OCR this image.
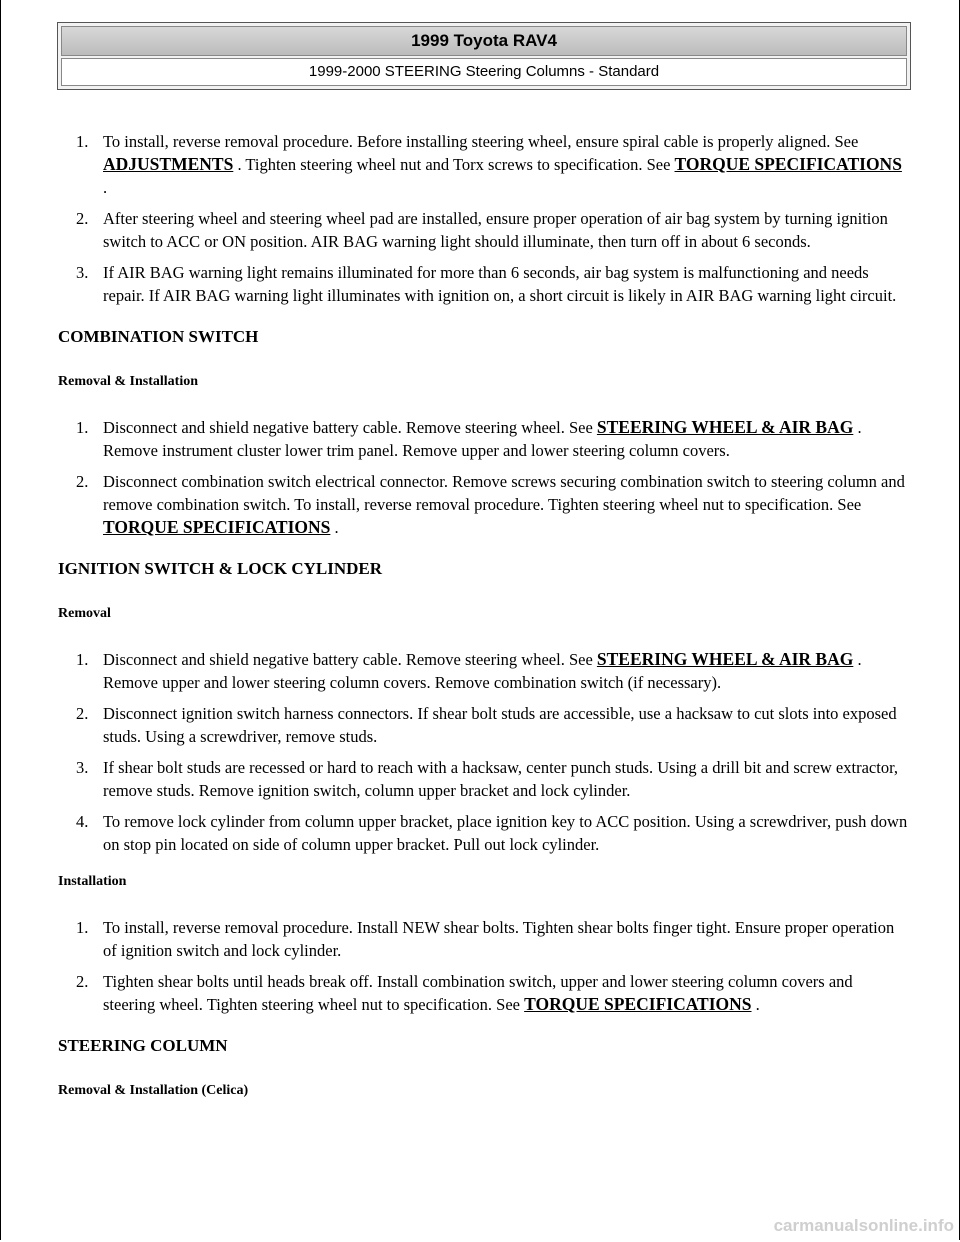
1999 Toyota RAV4
1999-2000 STEERING Steering Columns - Standard
1. To install, reverse removal procedure. Before installing steering wheel, ensure spiral cable is properly aligned. See ADJUSTMENTS . Tighten steering wheel nut and Torx screws to specification. See TORQUE SPECIFICATIONS .
2. After steering wheel and steering wheel pad are installed, ensure proper operation of air bag system by turning ignition switch to ACC or ON position. AIR BAG warning light should illuminate, then turn off in about 6 seconds.
3. If AIR BAG warning light remains illuminated for more than 6 seconds, air bag system is malfunctioning and needs repair. If AIR BAG warning light illuminates with ignition on, a short circuit is likely in AIR BAG warning light circuit.
COMBINATION SWITCH
Removal & Installation
1. Disconnect and shield negative battery cable. Remove steering wheel. See STEERING WHEEL & AIR BAG . Remove instrument cluster lower trim panel. Remove upper and lower steering column covers.
2. Disconnect combination switch electrical connector. Remove screws securing combination switch to steering column and remove combination switch. To install, reverse removal procedure. Tighten steering wheel nut to specification. See TORQUE SPECIFICATIONS .
IGNITION SWITCH & LOCK CYLINDER
Removal
1. Disconnect and shield negative battery cable. Remove steering wheel. See STEERING WHEEL & AIR BAG . Remove upper and lower steering column covers. Remove combination switch (if necessary).
2. Disconnect ignition switch harness connectors. If shear bolt studs are accessible, use a hacksaw to cut slots into exposed studs. Using a screwdriver, remove studs.
3. If shear bolt studs are recessed or hard to reach with a hacksaw, center punch studs. Using a drill bit and screw extractor, remove studs. Remove ignition switch, column upper bracket and lock cylinder.
4. To remove lock cylinder from column upper bracket, place ignition key to ACC position. Using a screwdriver, push down on stop pin located on side of column upper bracket. Pull out lock cylinder.
Installation
1. To install, reverse removal procedure. Install NEW shear bolts. Tighten shear bolts finger tight. Ensure proper operation of ignition switch and lock cylinder.
2. Tighten shear bolts until heads break off. Install combination switch, upper and lower steering column covers and steering wheel. Tighten steering wheel nut to specification. See TORQUE SPECIFICATIONS .
STEERING COLUMN
Removal & Installation (Celica)
carmanualsonline.info
